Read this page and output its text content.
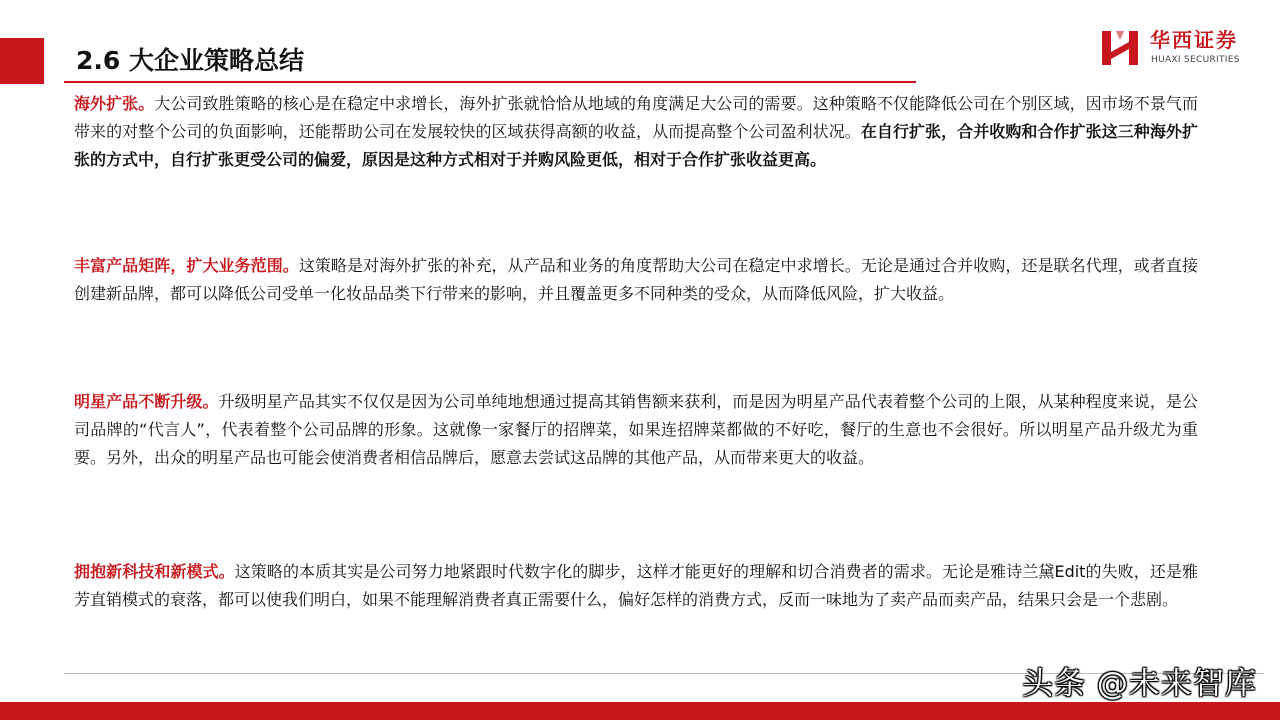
2.6 大企业策略总结
华西证券
HUAXI SECURITIES
海外扩张。大公司致胜策略的核心是在稳定中求增长，海外扩张就恰恰从地域的角度满足大公司的需要。这种策略不仅能降低公司在个别区域，因市场不景气而带来的对整个公司的负面影响，还能帮助公司在发展较快的区域获得高额的收益，从而提高整个公司盈利状况。在自行扩张，合并收购和合作扩张这三种海外扩张的方式中，自行扩张更受公司的偏爱，原因是这种方式相对于并购风险更低，相对于合作扩张收益更高。
丰富产品矩阵，扩大业务范围。这策略是对海外扩张的补充，从产品和业务的角度帮助大公司在稳定中求增长。无论是通过合并收购，还是联名代理，或者直接创建新品牌，都可以降低公司受单一化妆品品类下行带来的影响，并且覆盖更多不同种类的受众，从而降低风险，扩大收益。
明星产品不断升级。升级明星产品其实不仅仅是因为公司单纯地想通过提高其销售额来获利，而是因为明星产品代表着整个公司的上限，从某种程度来说，是公司品牌的“代言人”，代表着整个公司品牌的形象。这就像一家餐厅的招牌菜，如果连招牌菜都做的不好吃，餐厅的生意也不会很好。所以明星产品升级尤为重要。另外，出众的明星产品也可能会使消费者相信品牌后，愿意去尝试这品牌的其他产品，从而带来更大的收益。
拥抱新科技和新模式。这策略的本质其实是公司努力地紧跟时代数字化的脚步，这样才能更好的理解和切合消费者的需求。无论是雅诗兰黛Edit的失败，还是雅芳直销模式的衰落，都可以使我们明白，如果不能理解消费者真正需要什么，偏好怎样的消费方式，反而一味地为了卖产品而卖产品，结果只会是一个悲剧。
头条 @未来智库
